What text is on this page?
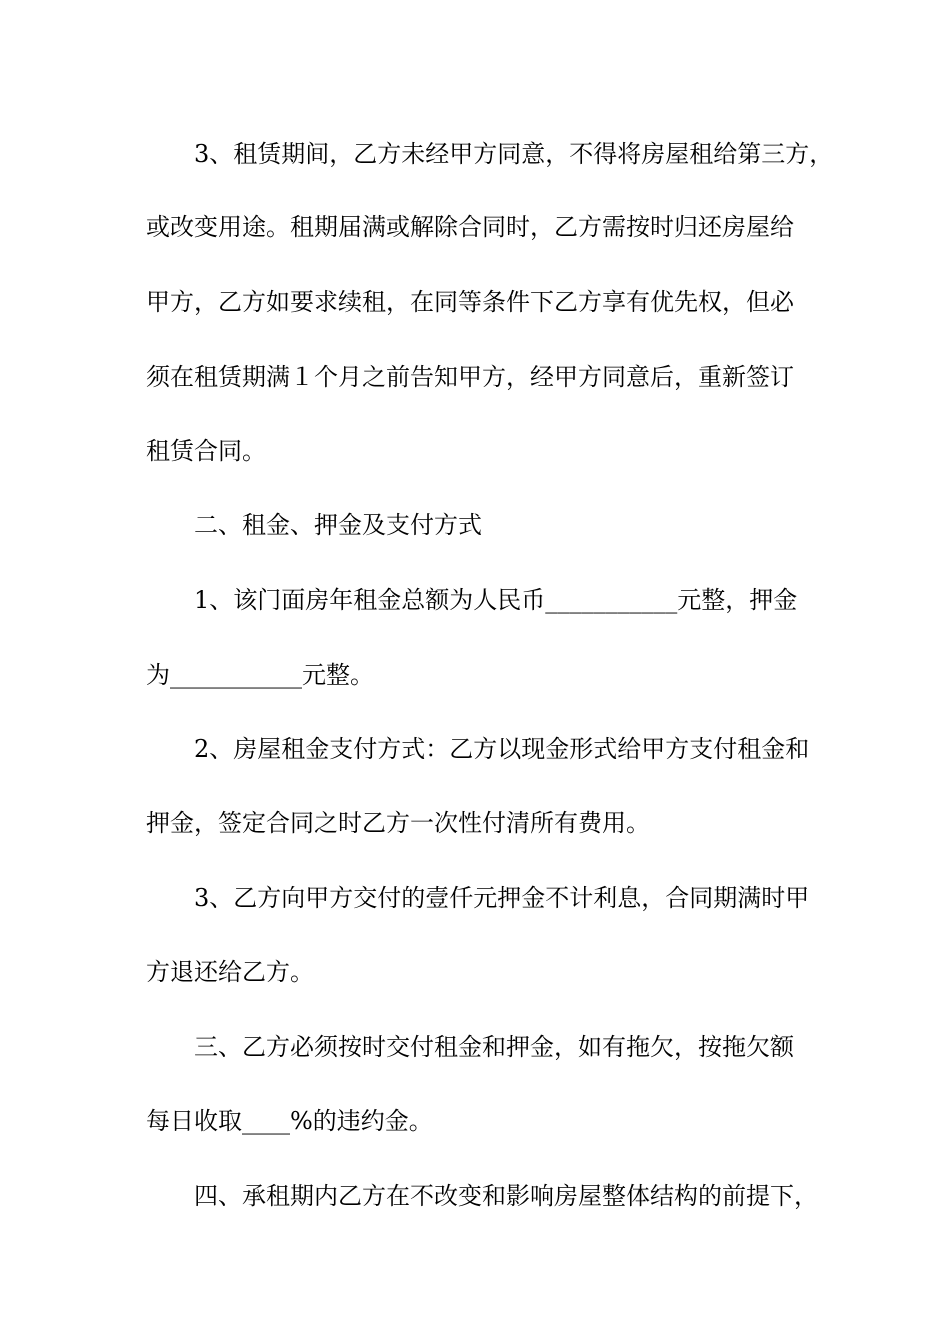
3、租赁期间，乙方未经甲方同意，不得将房屋租给第三方，

或改变用途。租期届满或解除合同时，乙方需按时归还房屋给

甲方，乙方如要求续租，在同等条件下乙方享有优先权，但必

须在租赁期满１个月之前告知甲方，经甲方同意后，重新签订

租赁合同。

二、租金、押金及支付方式

1、该门面房年租金总额为人民币___________元整，押金

为___________元整。

2、房屋租金支付方式：乙方以现金形式给甲方支付租金和

押金，签定合同之时乙方一次性付清所有费用。

3、乙方向甲方交付的壹仟元押金不计利息，合同期满时甲

方退还给乙方。

三、乙方必须按时交付租金和押金，如有拖欠，按拖欠额

每日收取____%的违约金。

四、承租期内乙方在不改变和影响房屋整体结构的前提下，
